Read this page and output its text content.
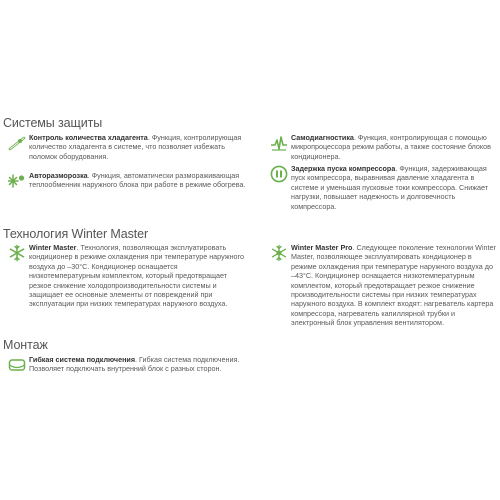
Системы защиты
Контроль количества хладагента. Функция, контролирующая количество хладагента в системе, что позволяет избежать поломок оборудования.
Самодиагностика. Функция, контролирующая с помощью микропроцессора режим работы, а также состояние блоков кондиционера.
Авторазморозка. Функция, автоматически размораживающая теплообменник наружного блока при работе в режиме обогрева.
Задержка пуска компрессора. Функция, задерживающая пуск компрессора, выравнивая давление хладагента в системе и уменьшая пусковые токи компрессора. Снижает нагрузки, повышает надежность и долговечность компрессора.
Технология Winter Master
Winter Master. Технология, позволяющая эксплуатировать кондиционер в режиме охлаждения при температуре наружного воздуха до –30°С. Кондиционер оснащается низкотемпературным комплектом, который предотвращает резкое снижение холодопроизводительности системы и защищает ее основные элементы от повреждений при эксплуатации при низких температурах наружного воздуха.
Winter Master Pro. Следующее поколение технологии Winter Master, позволяющее эксплуатировать кондиционер в режиме охлаждения при температуре наружного воздуха до –43°С. Кондиционер оснащается низкотемпературным комплектом, который предотвращает резкое снижение производительности системы при низких температурах наружного воздуха. В комплект входят: нагреватель картера компрессора, нагреватель капиллярной трубки и электронный блок управления вентилятором.
Монтаж
Гибкая система подключения. Гибкая система подключения. Позволяет подключать внутренний блок с разных сторон.
